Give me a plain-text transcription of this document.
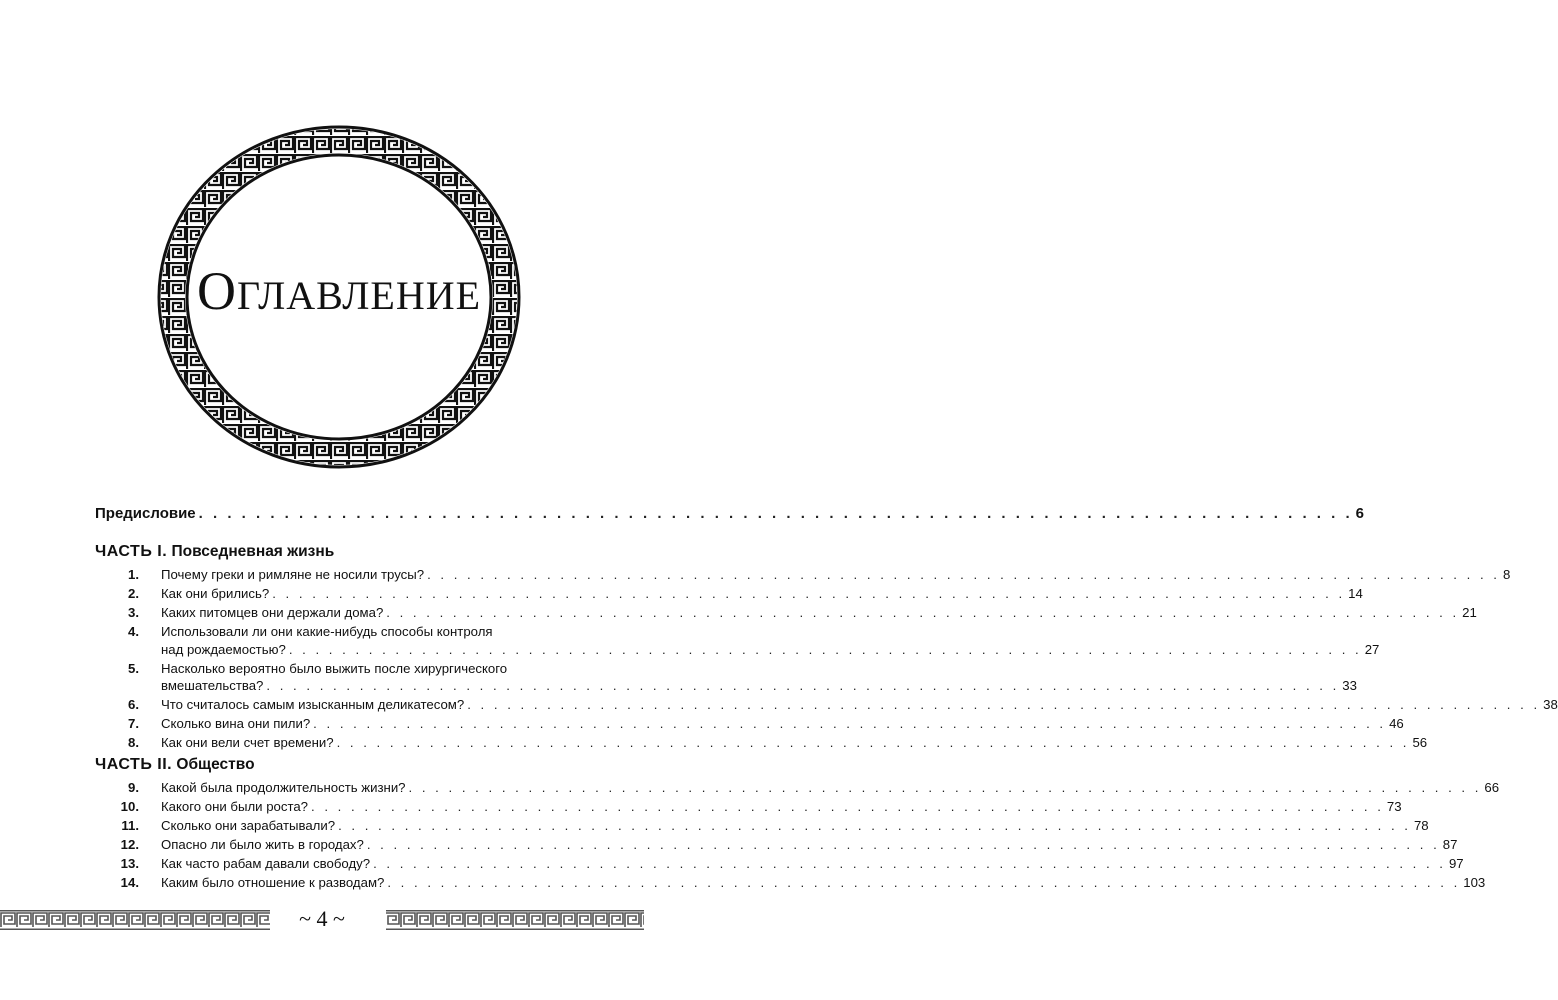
ОГЛАВЛЕНИЕ
Предисловие . . .	6
ЧАСТЬ I. Повседневная жизнь
1. Почему греки и римляне не носили трусы? . . .	8
2. Как они брились? . . .	14
3. Каких питомцев они держали дома? . . .	21
4. Использовали ли они какие-нибудь способы контроля
над рождаемостью? . . .	27
5. Насколько вероятно было выжить после хирургического
вмешательства? . . .	33
6. Что считалось самым изысканным деликатесом? . . .	38
7. Сколько вина они пили? . . .	46
8. Как они вели счет времени? . . .	56
ЧАСТЬ II. Общество
9. Какой была продолжительность жизни? . . .	66
10. Какого они были роста? . . .	73
11. Сколько они зарабатывали? . . .	78
12. Опасно ли было жить в городах? . . .	87
13. Как часто рабам давали свободу? . . .	97
14. Каким было отношение к разводам? . . .	103
~ 4 ~
